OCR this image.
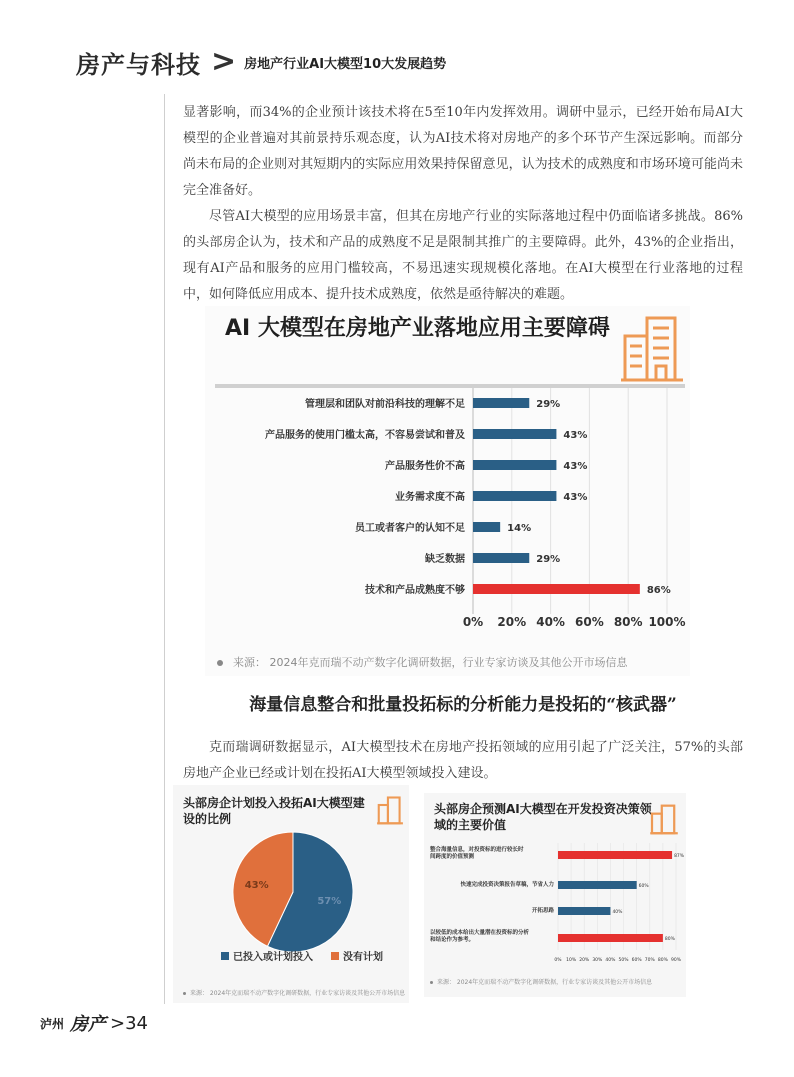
房产与科技 > 房地产行业AI大模型10大发展趋势

显著影响，而34%的企业预计该技术将在5至10年内发挥效用。调研中显示，已经开始布局AI大模型的企业普遍对其前景持乐观态度，认为AI技术将对房地产的多个环节产生深远影响。而部分尚未布局的企业则对其短期内的实际应用效果持保留意见，认为技术的成熟度和市场环境可能尚未完全准备好。

尽管AI大模型的应用场景丰富，但其在房地产行业的实际落地过程中仍面临诸多挑战。86%的头部房企认为，技术和产品的成熟度不足是限制其推广的主要障碍。此外，43%的企业指出，现有AI产品和服务的应用门槛较高，不易迅速实现规模化落地。在AI大模型在行业落地的过程中，如何降低应用成本、提升技术成熟度，依然是亟待解决的难题。

AI 大模型在房地产业落地应用主要障碍
0% 20% 40% 60% 80% 100%
管理层和团队对前沿科技的理解不足	29%
产品服务的使用门槛太高，不容易尝试和普及	43%
产品服务性价不高	43%
业务需求度不高	43%
员工或者客户的认知不足	14%
缺乏数据	29%
技术和产品成熟度不够	86%
来源： 2024年克而瑞不动产数字化调研数据，行业专家访谈及其他公开市场信息
海量信息整合和批量投拓标的分析能力是投拓的“核武器”

克而瑞调研数据显示，AI大模型技术在房地产投拓领域的应用引起了广泛关注，57%的头部房地产企业已经或计划在投拓AI大模型领域投入建设。

头部房企计划投入投拓AI大模型建设的比例
57%
43%
已投入或计划投入	没有计划
来源： 2024年克而瑞不动产数字化调研数据，行业专家访谈及其他公开市场信息
头部房企预测AI大模型在开发投资决策领域的主要价值
0% 10% 20% 30% 40% 50% 60% 70% 80% 90%
整合海量信息，对投资标的进行较长时间跨度的价值预测	87%
快速完成投资决策报告草稿，节省人力	60%
开拓思路	40%
以较低的成本给出大量潜在投资标的分析和结论作为参考。	80%
来源： 2024年克而瑞不动产数字化调研数据，行业专家访谈及其他公开市场信息
泸州 房产 >34
